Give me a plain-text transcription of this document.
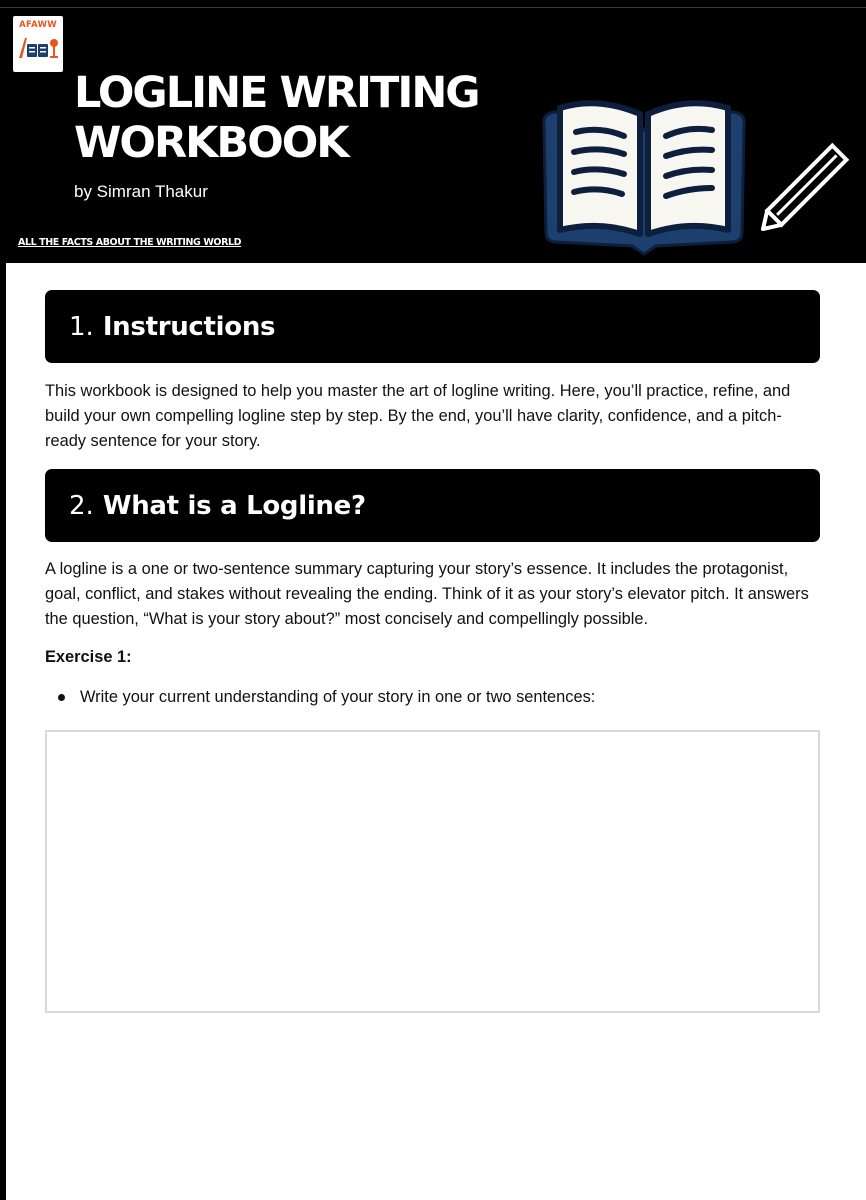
AFAWW
LOGLINE WRITING
WORKBOOK
by Simran Thakur
ALL THE FACTS ABOUT THE WRITING WORLD
1. Instructions

This workbook is designed to help you master the art of logline writing. Here, you’ll practice, refine, and build your own compelling logline step by step. By the end, you’ll have clarity, confidence, and a pitch-ready sentence for your story.

2. What is a Logline?

A logline is a one or two-sentence summary capturing your story’s essence. It includes the protagonist, goal, conflict, and stakes without revealing the ending. Think of it as your story’s elevator pitch. It answers the question, “What is your story about?” most concisely and compellingly possible.

Exercise 1:
Write your current understanding of your story in one or two sentences:
